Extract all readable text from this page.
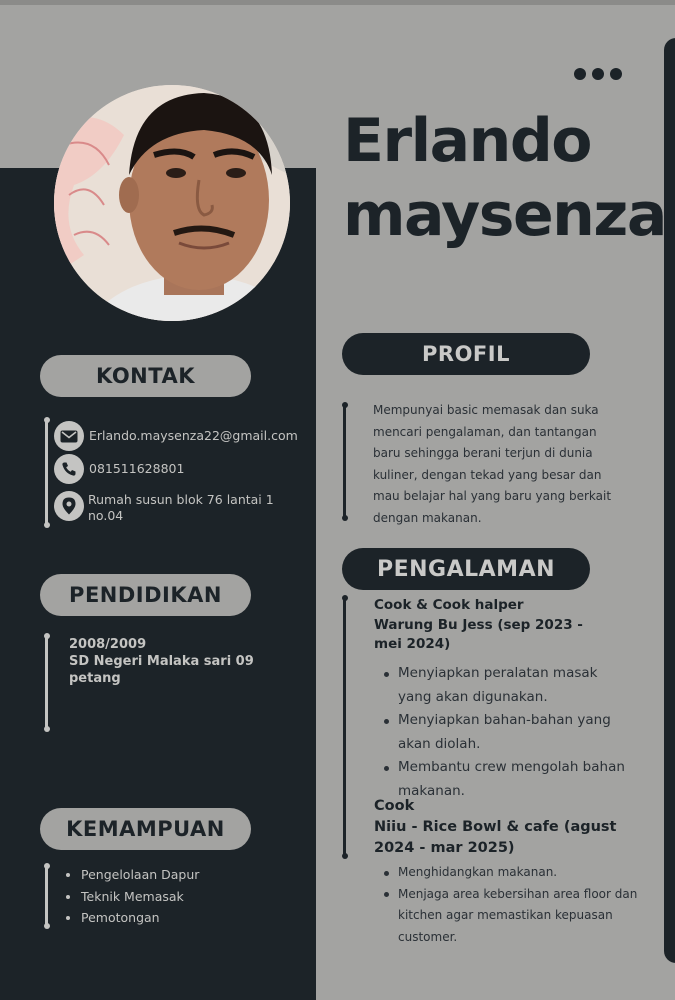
Erlando
maysenza
KONTAK
Erlando.maysenza22@gmail.com
081511628801
Rumah susun blok 76 lantai 1
no.04
PENDIDIKAN
2008/2009
SD Negeri Malaka sari 09
petang
KEMAMPUAN
Pengelolaan Dapur
Teknik Memasak
Pemotongan
PROFIL
Mempunyai basic memasak dan suka
mencari pengalaman, dan tantangan
baru sehingga berani terjun di dunia
kuliner, dengan tekad yang besar dan
mau belajar hal yang baru yang berkait
dengan makanan.
PENGALAMAN
Cook & Cook halper
Warung Bu Jess (sep 2023 -
mei 2024)
Menyiapkan peralatan masak
yang akan digunakan.
Menyiapkan bahan-bahan yang
akan diolah.
Membantu crew mengolah bahan
makanan.
Cook
Niiu - Rice Bowl & cafe (agust
2024 - mar 2025)
Menghidangkan makanan.
Menjaga area kebersihan area floor dan
kitchen agar memastikan kepuasan
customer.
